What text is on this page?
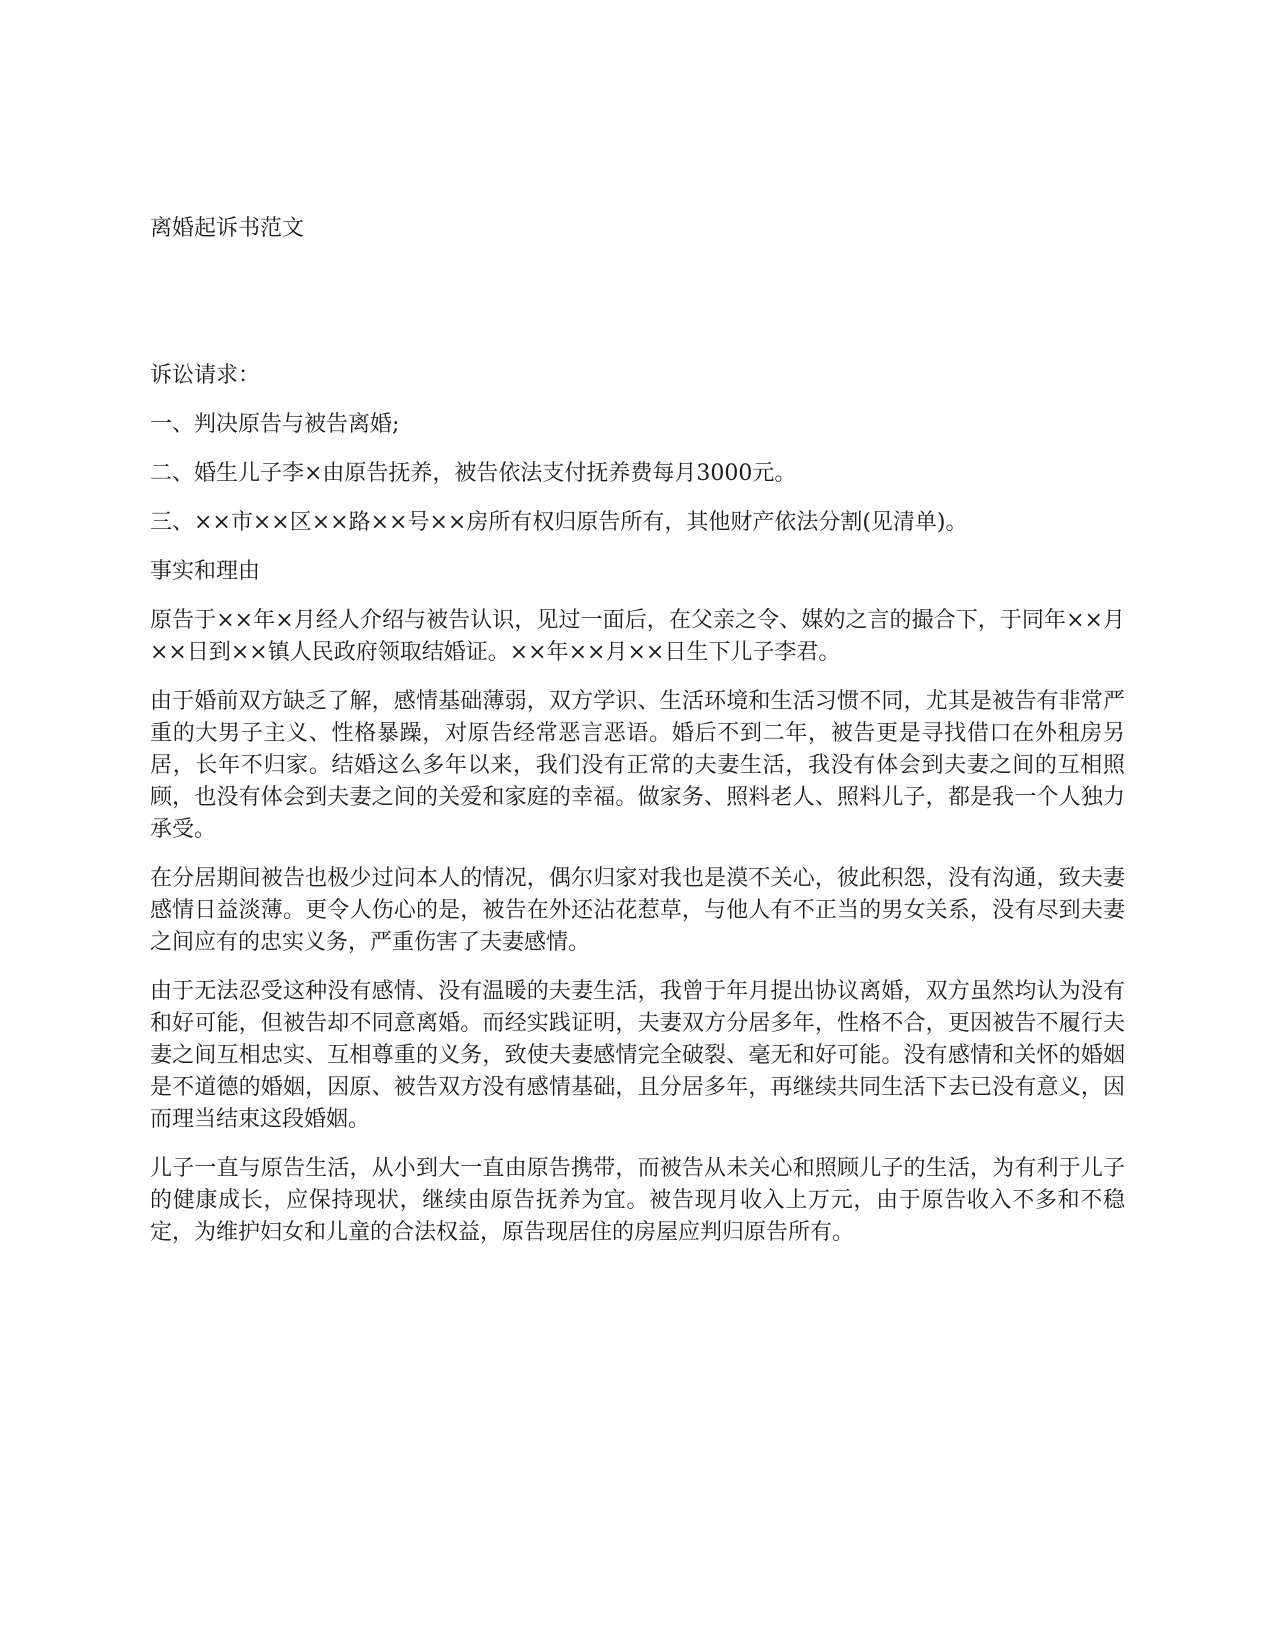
离婚起诉书范文

诉讼请求：

一、判决原告与被告离婚;

二、婚生儿子李×由原告抚养，被告依法支付抚养费每月3000元。

三、××市××区××路××号××房所有权归原告所有，其他财产依法分割(见清单)。

事实和理由

原告于××年×月经人介绍与被告认识，见过一面后，在父亲之令、媒妁之言的撮合下，于同年××月××日到××镇人民政府领取结婚证。××年××月××日生下儿子李君。

由于婚前双方缺乏了解，感情基础薄弱，双方学识、生活环境和生活习惯不同，尤其是被告有非常严重的大男子主义、性格暴躁，对原告经常恶言恶语。婚后不到二年，被告更是寻找借口在外租房另居，长年不归家。结婚这么多年以来，我们没有正常的夫妻生活，我没有体会到夫妻之间的互相照顾，也没有体会到夫妻之间的关爱和家庭的幸福。做家务、照料老人、照料儿子，都是我一个人独力承受。

在分居期间被告也极少过问本人的情况，偶尔归家对我也是漠不关心，彼此积怨，没有沟通，致夫妻感情日益淡薄。更令人伤心的是，被告在外还沾花惹草，与他人有不正当的男女关系，没有尽到夫妻之间应有的忠实义务，严重伤害了夫妻感情。

由于无法忍受这种没有感情、没有温暖的夫妻生活，我曾于年月提出协议离婚，双方虽然均认为没有和好可能，但被告却不同意离婚。而经实践证明，夫妻双方分居多年，性格不合，更因被告不履行夫妻之间互相忠实、互相尊重的义务，致使夫妻感情完全破裂、毫无和好可能。没有感情和关怀的婚姻是不道德的婚姻，因原、被告双方没有感情基础，且分居多年，再继续共同生活下去已没有意义，因而理当结束这段婚姻。

儿子一直与原告生活，从小到大一直由原告携带，而被告从未关心和照顾儿子的生活，为有利于儿子的健康成长，应保持现状，继续由原告抚养为宜。被告现月收入上万元，由于原告收入不多和不稳定，为维护妇女和儿童的合法权益，原告现居住的房屋应判归原告所有。
